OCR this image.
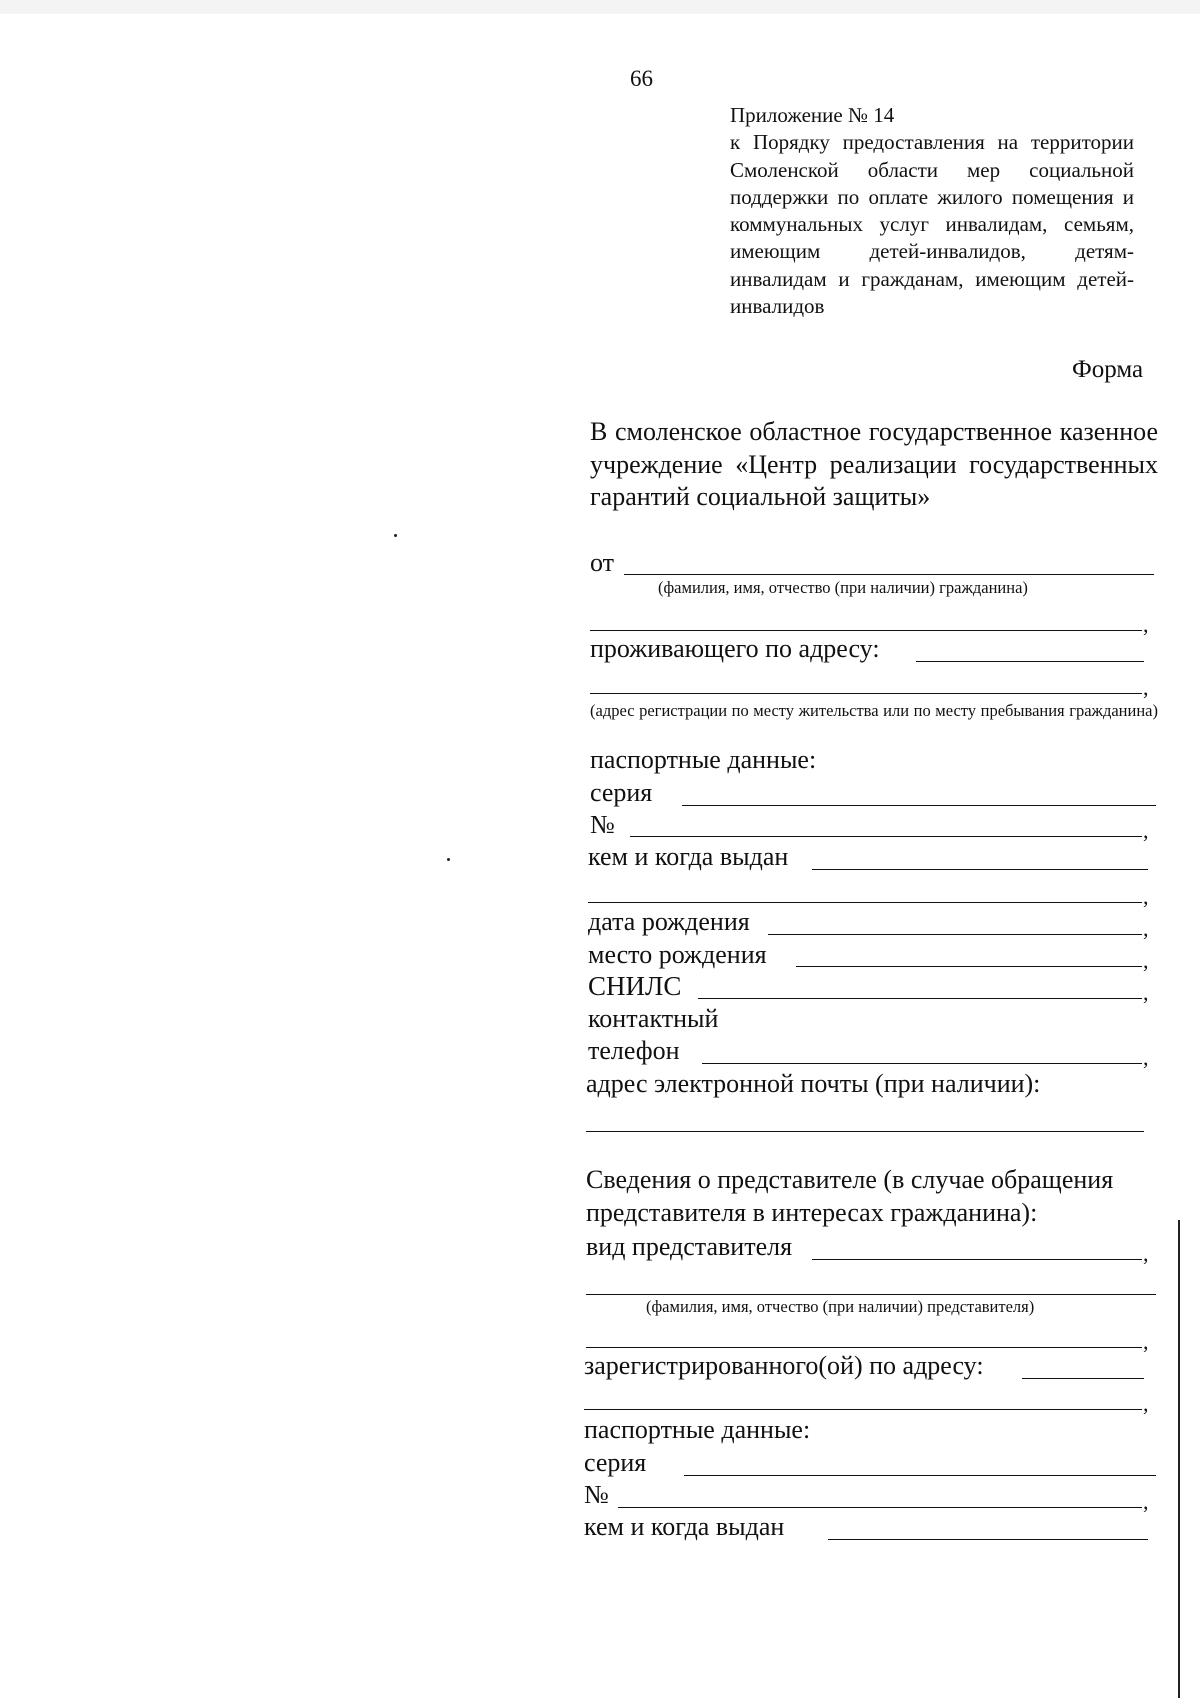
66
Приложение № 14
к Порядку предоставления на территории Смоленской области мер социальной поддержки по оплате жилого помещения и коммунальных услуг инвалидам, семьям, имеющим детей-инвалидов, детям-инвалидам и гражданам, имеющим детей-инвалидов
Форма
В смоленское областное государственное казенное учреждение «Центр реализации государственных гарантий социальной защиты»
от
(фамилия, имя, отчество (при наличии) гражданина)
,
проживающего по адресу:
,
(адрес регистрации по месту жительства или по месту пребывания гражданина)
паспортные данные:
серия
№	,
кем и когда выдан
,
дата рождения	,
место рождения	,
СНИЛС	,
контактный
телефон	,
адрес электронной почты (при наличии):
Сведения о представителе (в случае обращения представителя в интересах гражданина):
вид представителя	,
(фамилия, имя, отчество (при наличии) представителя)
,
зарегистрированного(ой) по адресу:
,
паспортные данные:
серия
№	,
кем и когда выдан
